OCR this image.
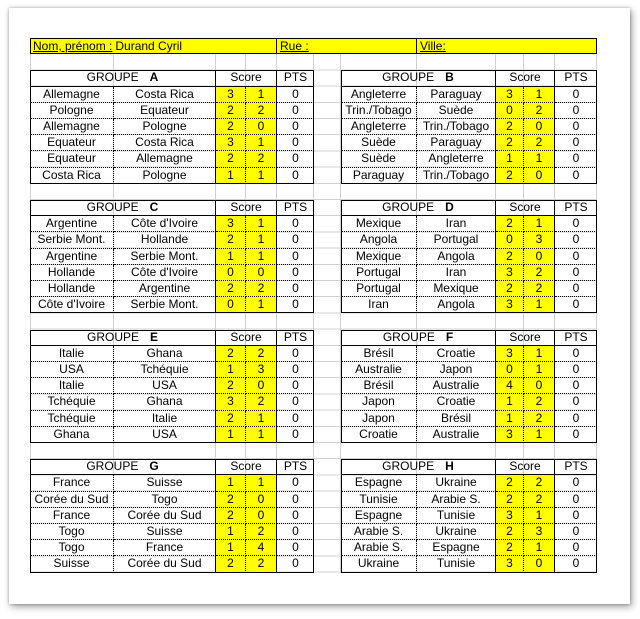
Nom, prénom : Durand Cyril	Rue :	Ville:
GROUPE A	Score	PTS
Allemagne	Costa Rica	3	1	0
Pologne	Equateur	2	2	0
Allemagne	Pologne	2	0	0
Equateur	Costa Rica	3	1	0
Equateur	Allemagne	2	2	0
Costa Rica	Pologne	1	1	0
GROUPE B	Score	PTS
Angleterre	Paraguay	3	1	0
Trin./Tobago	Suède	0	2	0
Angleterre	Trin./Tobago	2	0	0
Suède	Paraguay	2	2	0
Suède	Angleterre	1	1	0
Paraguay	Trin./Tobago	2	0	0
GROUPE C	Score	PTS
Argentine	Côte d'Ivoire	3	1	0
Serbie Mont.	Hollande	2	1	0
Argentine	Serbie Mont.	1	1	0
Hollande	Côte d'Ivoire	0	0	0
Hollande	Argentine	2	2	0
Côte d'Ivoire	Serbie Mont.	0	1	0
GROUPE D	Score	PTS
Mexique	Iran	2	1	0
Angola	Portugal	0	3	0
Mexique	Angola	2	0	0
Portugal	Iran	3	2	0
Portugal	Mexique	2	2	0
Iran	Angola	3	1	0
GROUPE E	Score	PTS
Italie	Ghana	2	2	0
USA	Tchéquie	1	3	0
Italie	USA	2	0	0
Tchéquie	Ghana	3	2	0
Tchéquie	Italie	2	1	0
Ghana	USA	1	1	0
GROUPE F	Score	PTS
Brésil	Croatie	3	1	0
Australie	Japon	0	1	0
Brésil	Australie	4	0	0
Japon	Croatie	1	2	0
Japon	Brésil	1	2	0
Croatie	Australie	3	1	0
GROUPE G	Score	PTS
France	Suisse	1	1	0
Corée du Sud	Togo	2	0	0
France	Corée du Sud	2	0	0
Togo	Suisse	1	2	0
Togo	France	1	4	0
Suisse	Corée du Sud	2	2	0
GROUPE H	Score	PTS
Espagne	Ukraine	2	2	0
Tunisie	Arabie S.	2	2	0
Espagne	Tunisie	3	1	0
Arabie S.	Ukraine	2	3	0
Arabie S.	Espagne	2	1	0
Ukraine	Tunisie	3	0	0
